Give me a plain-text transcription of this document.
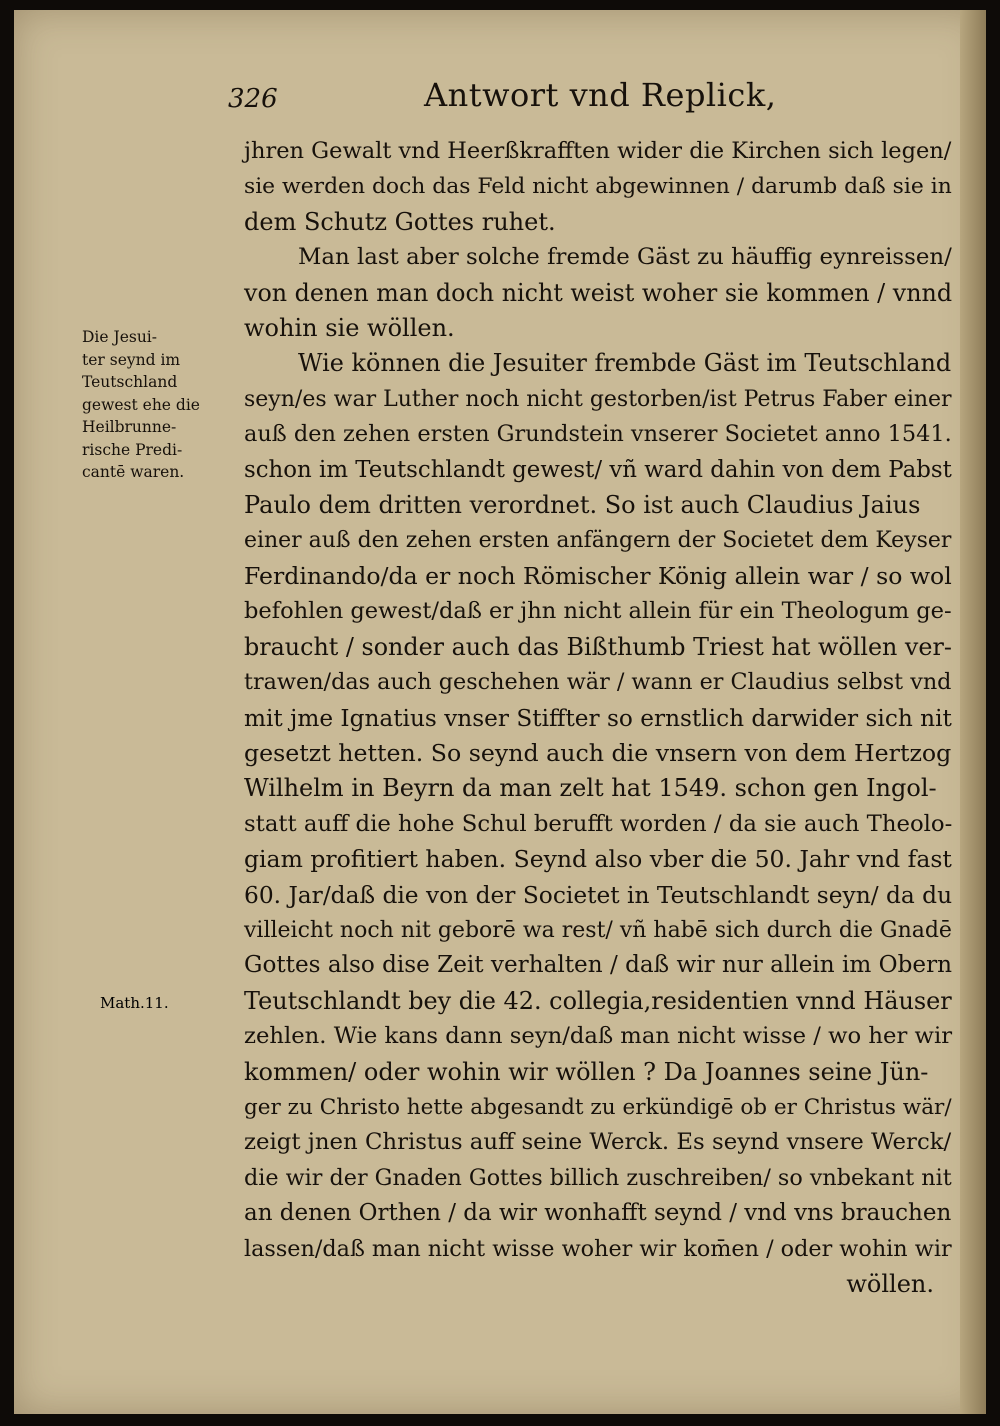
326	Antwort vnd Replick,
Die Jesui-
ter seynd im
Teutschland
gewest ehe die
Heilbrunne-
rische Predi-
cantē waren.
Math.11.
jhren Gewalt vnd Heerßkrafften wider die Kirchen sich legen/
sie werden doch das Feld nicht abgewinnen / darumb daß sie in
dem Schutz Gottes ruhet.
Man last aber solche fremde Gäst zu häuffig eynreissen/
von denen man doch nicht weist woher sie kommen / vnnd
wohin sie wöllen.
Wie können die Jesuiter frembde Gäst im Teutschland
seyn/es war Luther noch nicht gestorben/ist Petrus Faber einer
auß den zehen ersten Grundstein vnserer Societet anno 1541.
schon im Teutschlandt gewest/ vñ ward dahin von dem Pabst
Paulo dem dritten verordnet. So ist auch Claudius Jaius
einer auß den zehen ersten anfängern der Societet dem Keyser
Ferdinando/da er noch Römischer König allein war / so wol
befohlen gewest/daß er jhn nicht allein für ein Theologum ge-
braucht / sonder auch das Bißthumb Triest hat wöllen ver-
trawen/das auch geschehen wär / wann er Claudius selbst vnd
mit jme Ignatius vnser Stiffter so ernstlich darwider sich nit
gesetzt hetten. So seynd auch die vnsern von dem Hertzog
Wilhelm in Beyrn da man zelt hat 1549. schon gen Ingol-
statt auff die hohe Schul berufft worden / da sie auch Theolo-
giam profitiert haben. Seynd also vber die 50. Jahr vnd fast
60. Jar/daß die von der Societet in Teutschlandt seyn/ da du
villeicht noch nit geborē wa rest/ vñ habē sich durch die Gnadē
Gottes also dise Zeit verhalten / daß wir nur allein im Obern
Teutschlandt bey die 42. collegia,residentien vnnd Häuser
zehlen. Wie kans dann seyn/daß man nicht wisse / wo her wir
kommen/ oder wohin wir wöllen ? Da Joannes seine Jün-
ger zu Christo hette abgesandt zu erkündigē ob er Christus wär/
zeigt jnen Christus auff seine Werck. Es seynd vnsere Werck/
die wir der Gnaden Gottes billich zuschreiben/ so vnbekant nit
an denen Orthen / da wir wonhafft seynd / vnd vns brauchen
lassen/daß man nicht wisse woher wir kom̄en / oder wohin wir
wöllen.
